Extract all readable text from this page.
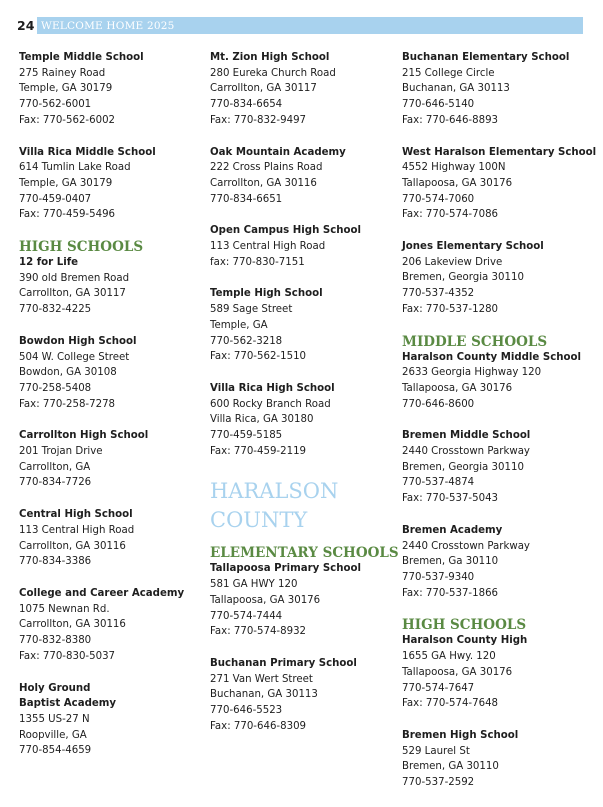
24 WELCOME HOME 2025
Temple Middle School
275 Rainey Road
Temple, GA 30179
770-562-6001
Fax: 770-562-6002
Villa Rica Middle School
614 Tumlin Lake Road
Temple, GA 30179
770-459-0407
Fax: 770-459-5496
HIGH SCHOOLS
12 for Life
390 old Bremen Road
Carrollton, GA 30117
770-832-4225
Bowdon High School
504 W. College Street
Bowdon, GA 30108
770-258-5408
Fax: 770-258-7278
Carrollton High School
201 Trojan Drive
Carrollton, GA
770-834-7726
Central High School
113 Central High Road
Carrollton, GA 30116
770-834-3386
College and Career Academy
1075 Newnan Rd.
Carrollton, GA 30116
770-832-8380
Fax: 770-830-5037
Holy Ground
Baptist Academy
1355 US-27 N
Roopville, GA
770-854-4659
Mt. Zion High School
280 Eureka Church Road
Carrollton, GA 30117
770-834-6654
Fax: 770-832-9497
Oak Mountain Academy
222 Cross Plains Road
Carrollton, GA 30116
770-834-6651
Open Campus High School
113 Central High Road
fax: 770-830-7151
Temple High School
589 Sage Street
Temple, GA
770-562-3218
Fax: 770-562-1510
Villa Rica High School
600 Rocky Branch Road
Villa Rica, GA 30180
770-459-5185
Fax: 770-459-2119
HARALSON
COUNTY
ELEMENTARY SCHOOLS
Tallapoosa Primary School
581 GA HWY 120
Tallapoosa, GA 30176
770-574-7444
Fax: 770-574-8932
Buchanan Primary School
271 Van Wert Street
Buchanan, GA 30113
770-646-5523
Fax: 770-646-8309
Buchanan Elementary School
215 College Circle
Buchanan, GA 30113
770-646-5140
Fax: 770-646-8893
West Haralson Elementary School
4552 Highway 100N
Tallapoosa, GA 30176
770-574-7060
Fax: 770-574-7086
Jones Elementary School
206 Lakeview Drive
Bremen, Georgia 30110
770-537-4352
Fax: 770-537-1280
MIDDLE SCHOOLS
Haralson County Middle School
2633 Georgia Highway 120
Tallapoosa, GA 30176
770-646-8600
Bremen Middle School
2440 Crosstown Parkway
Bremen, Georgia 30110
770-537-4874
Fax: 770-537-5043
Bremen Academy
2440 Crosstown Parkway
Bremen, Ga 30110
770-537-9340
Fax: 770-537-1866
HIGH SCHOOLS
Haralson County High
1655 GA Hwy. 120
Tallapoosa, GA 30176
770-574-7647
Fax: 770-574-7648
Bremen High School
529 Laurel St
Bremen, GA 30110
770-537-2592
